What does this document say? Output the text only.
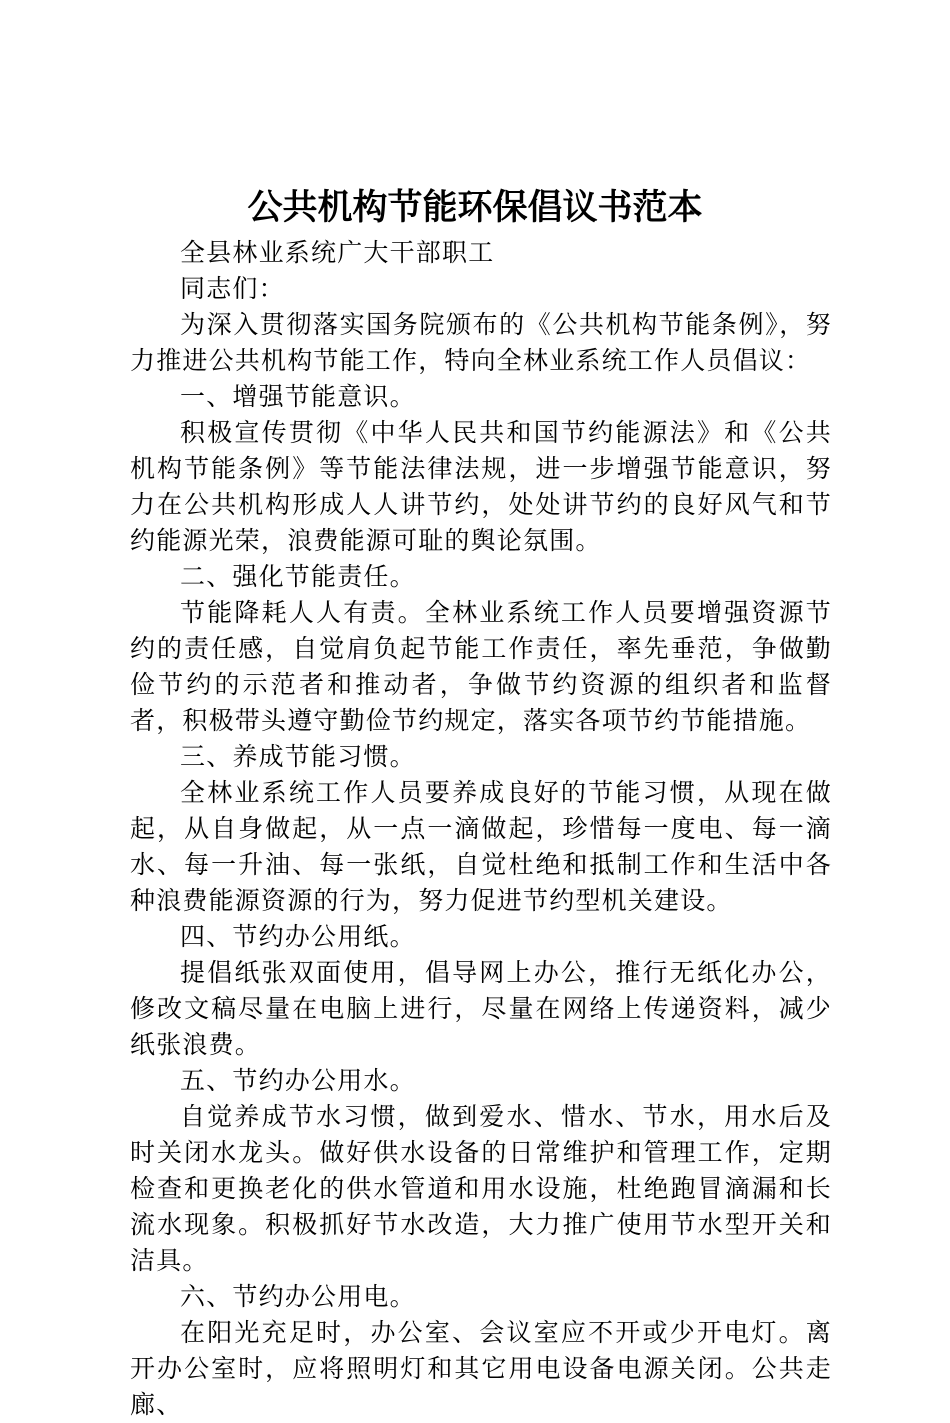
公共机构节能环保倡议书范本

全县林业系统广大干部职工

同志们：

为深入贯彻落实国务院颁布的《公共机构节能条例》，努力推进公共机构节能工作，特向全林业系统工作人员倡议：

一、增强节能意识。

积极宣传贯彻《中华人民共和国节约能源法》和《公共机构节能条例》等节能法律法规，进一步增强节能意识，努力在公共机构形成人人讲节约，处处讲节约的良好风气和节约能源光荣，浪费能源可耻的舆论氛围。

二、强化节能责任。

节能降耗人人有责。全林业系统工作人员要增强资源节约的责任感，自觉肩负起节能工作责任，率先垂范，争做勤俭节约的示范者和推动者，争做节约资源的组织者和监督者，积极带头遵守勤俭节约规定，落实各项节约节能措施。

三、养成节能习惯。

全林业系统工作人员要养成良好的节能习惯，从现在做起，从自身做起，从一点一滴做起，珍惜每一度电、每一滴水、每一升油、每一张纸，自觉杜绝和抵制工作和生活中各种浪费能源资源的行为，努力促进节约型机关建设。

四、节约办公用纸。

提倡纸张双面使用，倡导网上办公，推行无纸化办公，修改文稿尽量在电脑上进行，尽量在网络上传递资料，减少纸张浪费。

五、节约办公用水。

自觉养成节水习惯，做到爱水、惜水、节水，用水后及时关闭水龙头。做好供水设备的日常维护和管理工作，定期检查和更换老化的供水管道和用水设施，杜绝跑冒滴漏和长流水现象。积极抓好节水改造，大力推广使用节水型开关和洁具。

六、节约办公用电。

在阳光充足时，办公室、会议室应不开或少开电灯。离开办公室时，应将照明灯和其它用电设备电源关闭。公共走廊、
